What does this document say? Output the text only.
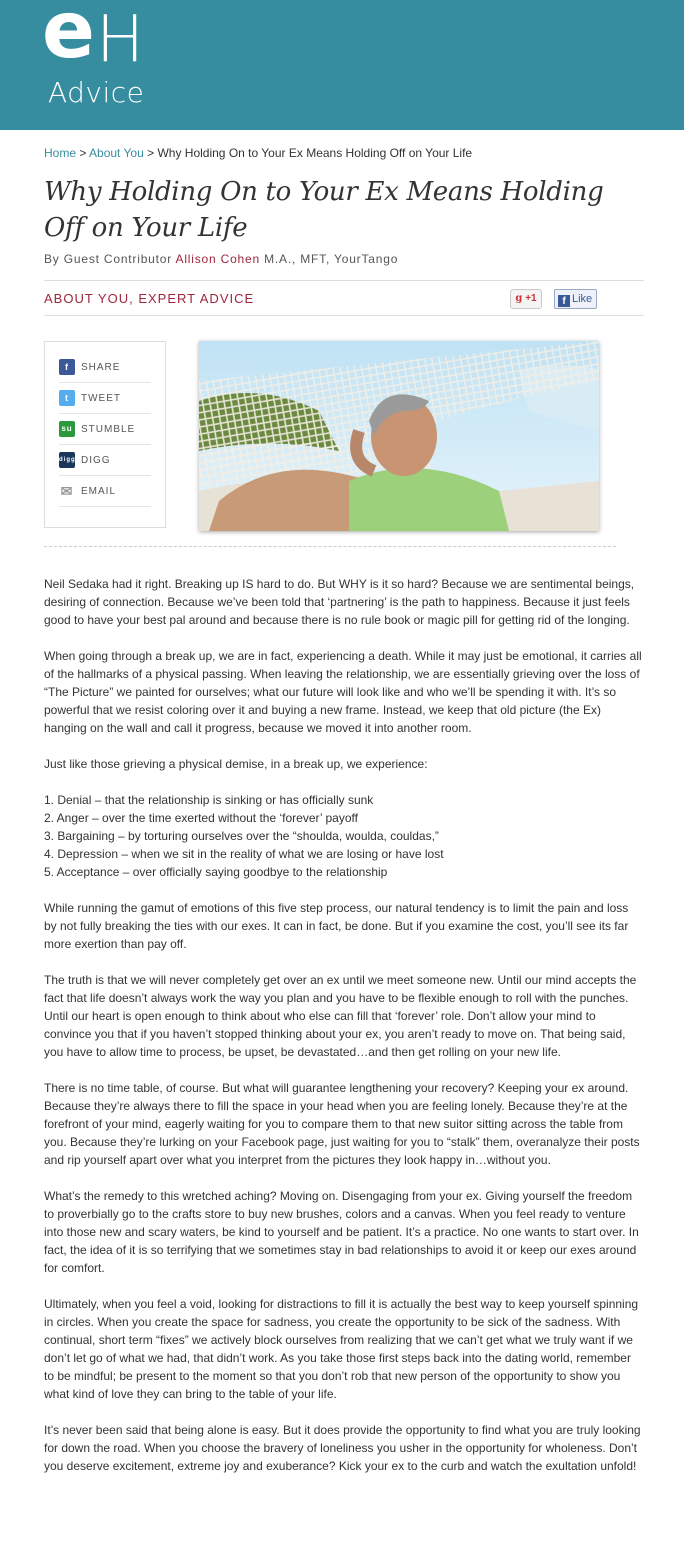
e H
Advice
Home > About You > Why Holding On to Your Ex Means Holding Off on Your Life
Why Holding On to Your Ex Means Holding Off on Your Life
By Guest Contributor Allison Cohen M.A., MFT, YourTango
ABOUT YOU, EXPERT ADVICE	g +1	f Like
f	SHARE
t	TWEET
su STUMBLE
digg DIGG
✉ EMAIL

Neil Sedaka had it right. Breaking up IS hard to do. But WHY is it so hard? Because we are sentimental beings, desiring of connection. Because we’ve been told that ‘partnering’ is the path to happiness. Because it just feels good to have your best pal around and because there is no rule book or magic pill for getting rid of the longing.

When going through a break up, we are in fact, experiencing a death. While it may just be emotional, it carries all of the hallmarks of a physical passing. When leaving the relationship, we are essentially grieving over the loss of “The Picture” we painted for ourselves; what our future will look like and who we’ll be spending it with. It’s so powerful that we resist coloring over it and buying a new frame. Instead, we keep that old picture (the Ex) hanging on the wall and call it progress, because we moved it into another room.

Just like those grieving a physical demise, in a break up, we experience:

1. Denial – that the relationship is sinking or has officially sunk
2. Anger – over the time exerted without the ‘forever’ payoff
3. Bargaining – by torturing ourselves over the “shoulda, woulda, couldas,”
4. Depression – when we sit in the reality of what we are losing or have lost
5. Acceptance – over officially saying goodbye to the relationship

While running the gamut of emotions of this five step process, our natural tendency is to limit the pain and loss by not fully breaking the ties with our exes. It can in fact, be done. But if you examine the cost, you’ll see its far more exertion than pay off.

The truth is that we will never completely get over an ex until we meet someone new. Until our mind accepts the fact that life doesn’t always work the way you plan and you have to be flexible enough to roll with the punches. Until our heart is open enough to think about who else can fill that ‘forever’ role. Don’t allow your mind to convince you that if you haven’t stopped thinking about your ex, you aren’t ready to move on. That being said, you have to allow time to process, be upset, be devastated…and then get rolling on your new life.

There is no time table, of course. But what will guarantee lengthening your recovery? Keeping your ex around. Because they’re always there to fill the space in your head when you are feeling lonely. Because they’re at the forefront of your mind, eagerly waiting for you to compare them to that new suitor sitting across the table from you. Because they’re lurking on your Facebook page, just waiting for you to “stalk” them, overanalyze their posts and rip yourself apart over what you interpret from the pictures they look happy in…without you.

What’s the remedy to this wretched aching? Moving on. Disengaging from your ex. Giving yourself the freedom to proverbially go to the crafts store to buy new brushes, colors and a canvas. When you feel ready to venture into those new and scary waters, be kind to yourself and be patient. It’s a practice. No one wants to start over. In fact, the idea of it is so terrifying that we sometimes stay in bad relationships to avoid it or keep our exes around for comfort.

Ultimately, when you feel a void, looking for distractions to fill it is actually the best way to keep yourself spinning in circles. When you create the space for sadness, you create the opportunity to be sick of the sadness. With continual, short term “fixes” we actively block ourselves from realizing that we can’t get what we truly want if we don’t let go of what we had, that didn’t work. As you take those first steps back into the dating world, remember to be mindful; be present to the moment so that you don’t rob that new person of the opportunity to show you what kind of love they can bring to the table of your life.

It’s never been said that being alone is easy. But it does provide the opportunity to find what you are truly looking for down the road. When you choose the bravery of loneliness you usher in the opportunity for wholeness. Don’t you deserve excitement, extreme joy and exuberance? Kick your ex to the curb and watch the exultation unfold!
